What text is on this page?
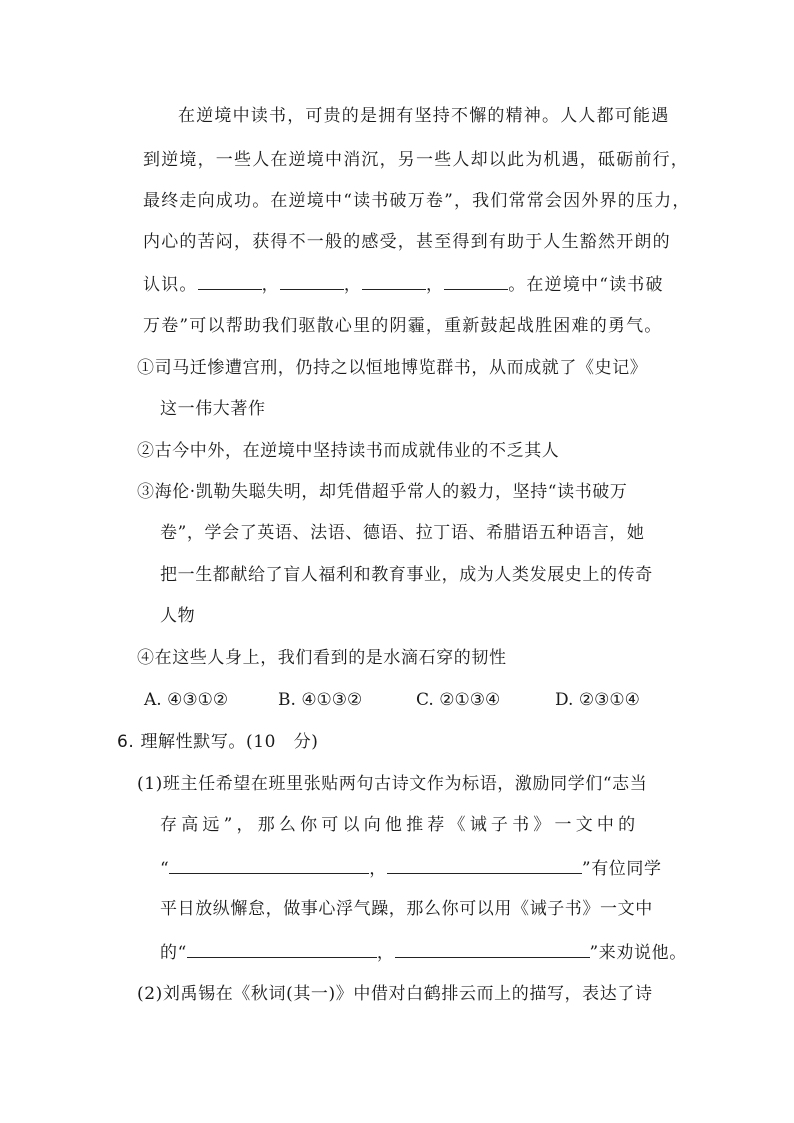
在逆境中读书，可贵的是拥有坚持不懈的精神。人人都可能遇
到逆境，一些人在逆境中消沉，另一些人却以此为机遇，砥砺前行，
最终走向成功。在逆境中“读书破万卷”，我们常常会因外界的压力，
内心的苦闷，获得不一般的感受，甚至得到有助于人生豁然开朗的
认识。	，	，	，	。在逆境中“读书破
万卷”可以帮助我们驱散心里的阴霾，重新鼓起战胜困难的勇气。
①司马迁惨遭宫刑，仍持之以恒地博览群书，从而成就了《史记》
这一伟大著作
②古今中外，在逆境中坚持读书而成就伟业的不乏其人
③海伦·凯勒失聪失明，却凭借超乎常人的毅力，坚持“读书破万
卷”，学会了英语、法语、德语、拉丁语、希腊语五种语言，她
把一生都献给了盲人福利和教育事业，成为人类发展史上的传奇
人物
④在这些人身上，我们看到的是水滴石穿的韧性
A. ④③①②	B. ④①③②	C. ②①③④	D. ②③①④
6. 理解性默写。(10　分)
(1)班主任希望在班里张贴两句古诗文作为标语，激励同学们“志当
存高远”，那么你可以向他推荐《诫子书》一文中的
“	，	”有位同学
平日放纵懈怠，做事心浮气躁，那么你可以用《诫子书》一文中
的“	，	”来劝说他。
(2)刘禹锡在《秋词(其一)》中借对白鹤排云而上的描写，表达了诗
